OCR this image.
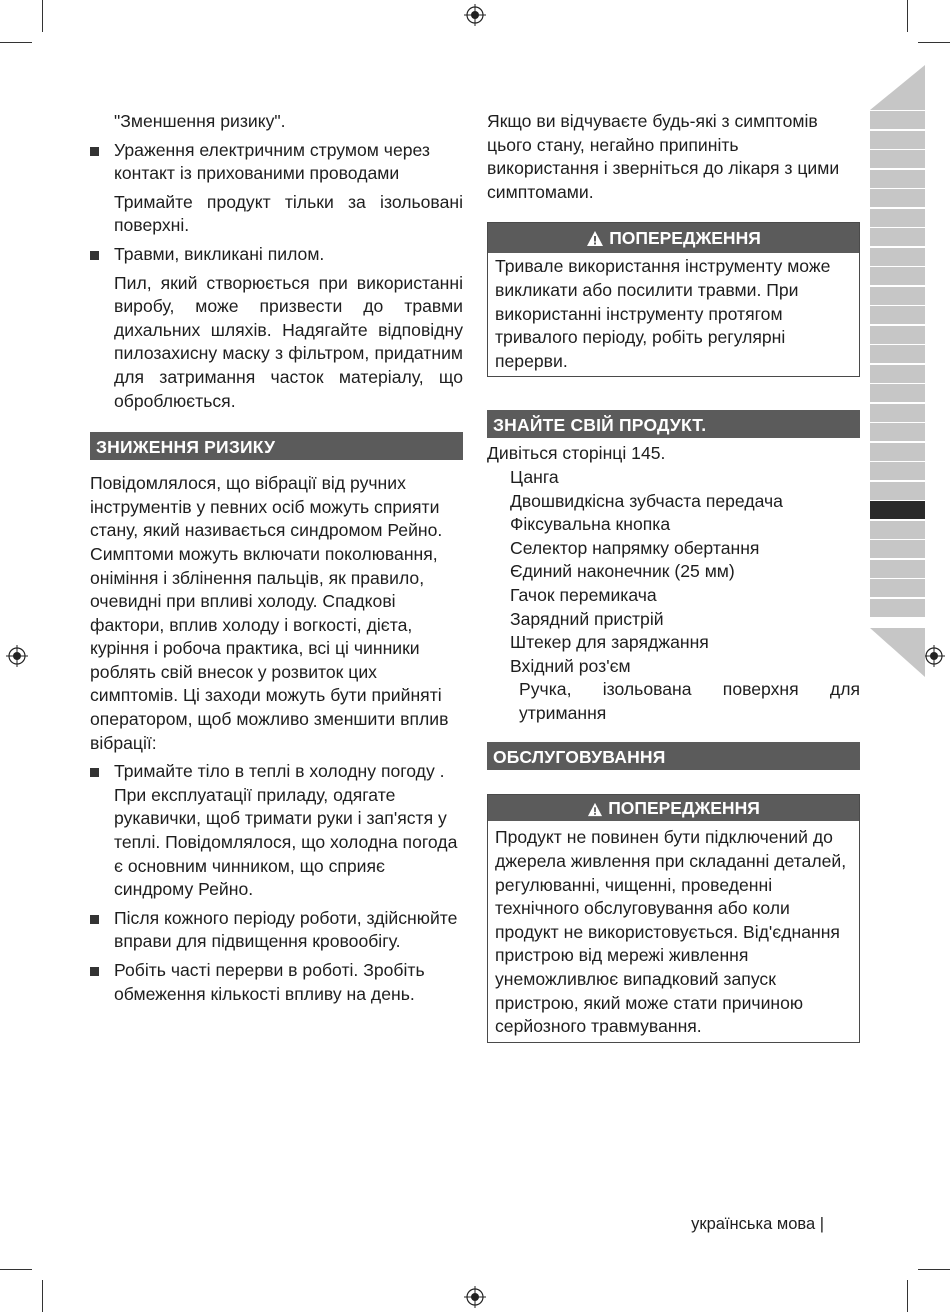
"Зменшення ризику".

Ураження електричним струмом через контакт із прихованими проводами

Тримайте продукт тільки за ізольовані поверхні.

Травми, викликані пилом.

Пил, який створюється при використанні виробу, може призвести до травми дихальних шляхів. Надягайте відповідну пилозахисну маску з фільтром, придатним для затримання часток матеріалу, що оброблюється.

ЗНИЖЕННЯ РИЗИКУ

Повідомлялося, що вібрації від ручних інструментів у певних осіб можуть сприяти стану, який називається синдромом Рейно. Симптоми можуть включати поколювання, оніміння і зблінення пальців, як правило, очевидні при впливі холоду. Спадкові фактори, вплив холоду і вогкості, дієта, куріння і робоча практика, всі ці чинники роблять свій внесок у розвиток цих симптомів. Ці заходи можуть бути прийняті оператором, щоб можливо зменшити вплив вібрації:

Тримайте тіло в теплі в холодну погоду . При експлуатації приладу, одягате рукавички, щоб тримати руки і зап'ястя у теплі. Повідомлялося, що холодна погода є основним чинником, що сприяє синдрому Рейно.

Після кожного періоду роботи, здійснюйте вправи для підвищення кровообігу.

Робіть часті перерви в роботі. Зробіть обмеження кількості впливу на день.

Якщо ви відчуваєте будь-які з симптомів цього стану, негайно припиніть використання і зверніться до лікаря з цими симптомами.

ПОПЕРЕДЖЕННЯ

Тривале використання інструменту може викликати або посилити травми. При використанні інструменту протягом тривалого періоду, робіть регулярні перерви.

ЗНАЙТЕ СВІЙ ПРОДУКТ.

Дивіться сторінці 145.

Цанга
Двошвидкісна зубчаста передача
Фіксувальна кнопка
Селектор напрямку обертання
Єдиний наконечник (25 мм)
Гачок перемикача
Зарядний пристрій
Штекер для заряджання
Вхідний роз'єм

Ручка, ізольована поверхня для утримання

ОБСЛУГОВУВАННЯ
ПОПЕРЕДЖЕННЯ

Продукт не повинен бути підключений до джерела живлення при складанні деталей, регулюванні, чищенні, проведенні технічного обслуговування або коли продукт не використовується. Від'єднання пристрою від мережі живлення унеможливлює випадковий запуск пристрою, який може стати причиною серйозного травмування.

українська мова |
